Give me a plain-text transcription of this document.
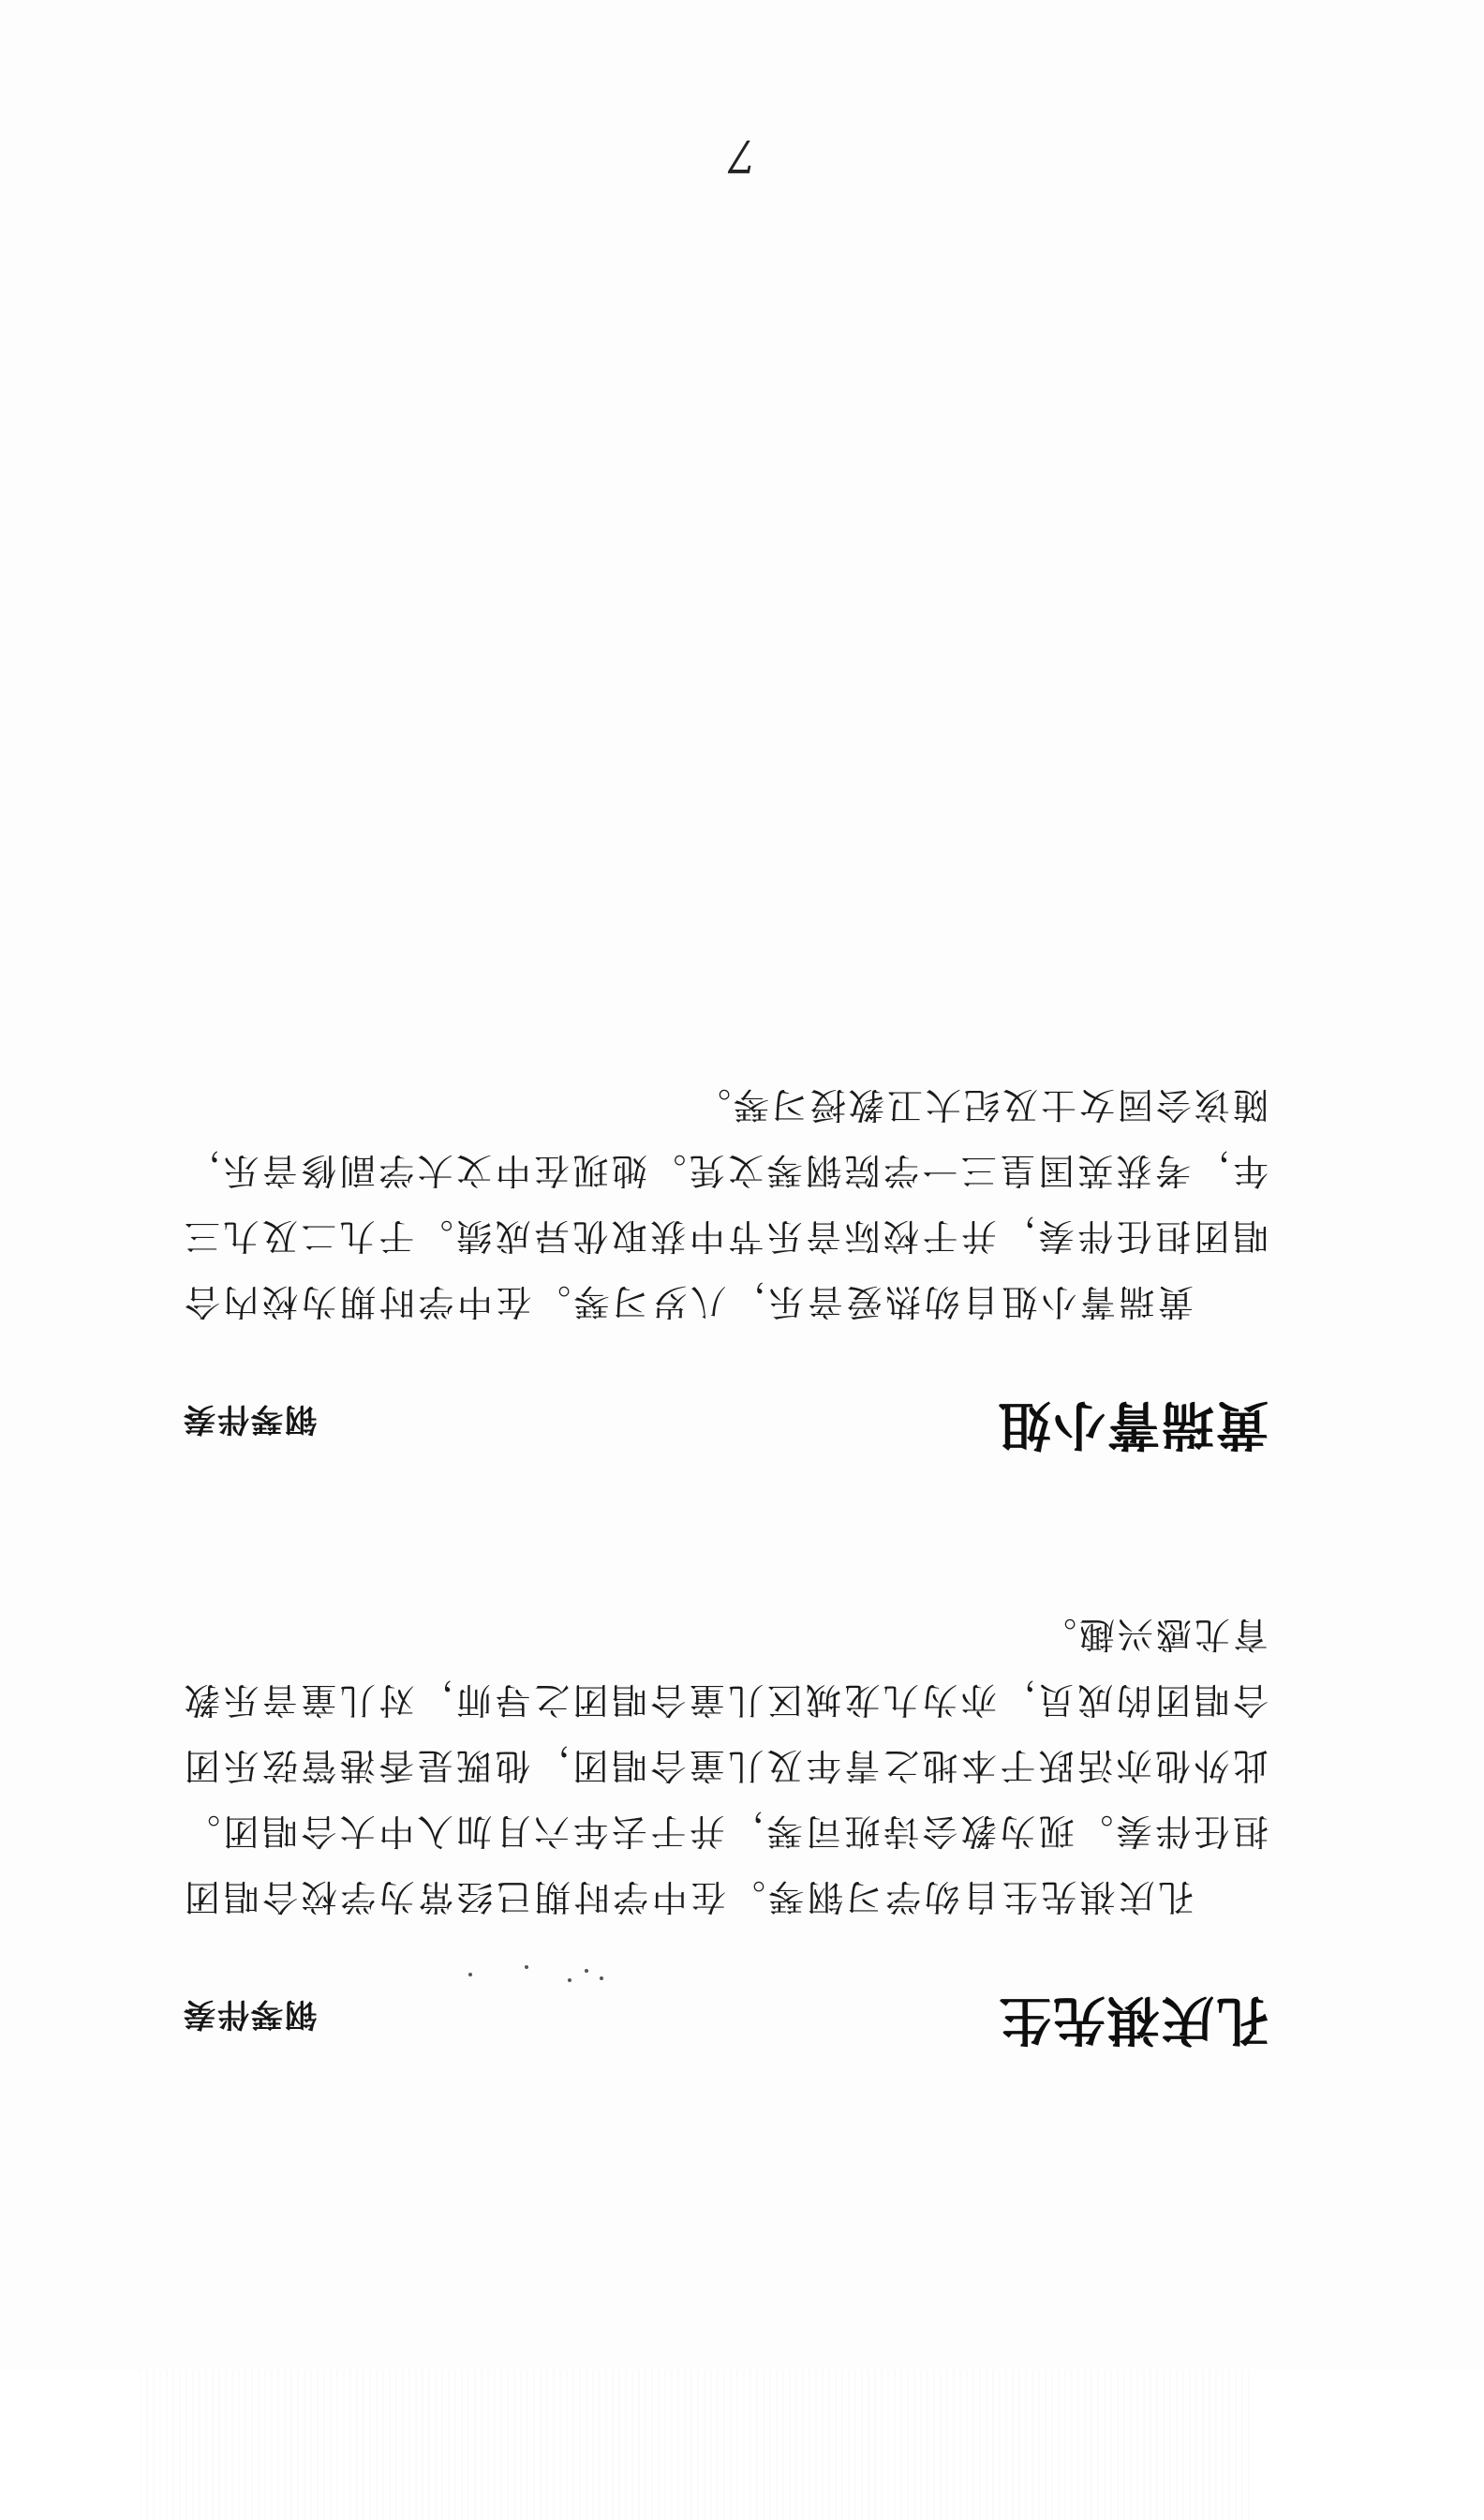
7
孔庆祺先生
钢琴伴奏
孔庆祺先生自幼学习钢琴。在中学时期已经常为学校合唱团担任伴奏。现为教会诗班司琴，并于去年六月加入中大合唱团。此外他亦活跃于本地之青年及儿童合唱团，他既是香港管弦乐团合唱团的成员，亦为九龙城区儿童合唱团之导师，对儿童音乐教育尤感兴趣。
黄瑞菁小姐
钢琴伴奏
黄瑞菁小姐自幼热爱音乐，八岁习琴。在中学时期为校内合唱团担任伴奏，并于校际音乐节中获取优异成绩。于九二及九三年，考获英国皇三一学院钢琴文凭。她现在中文大学副修音乐，随该会园女士及纪大卫教授习琴。
